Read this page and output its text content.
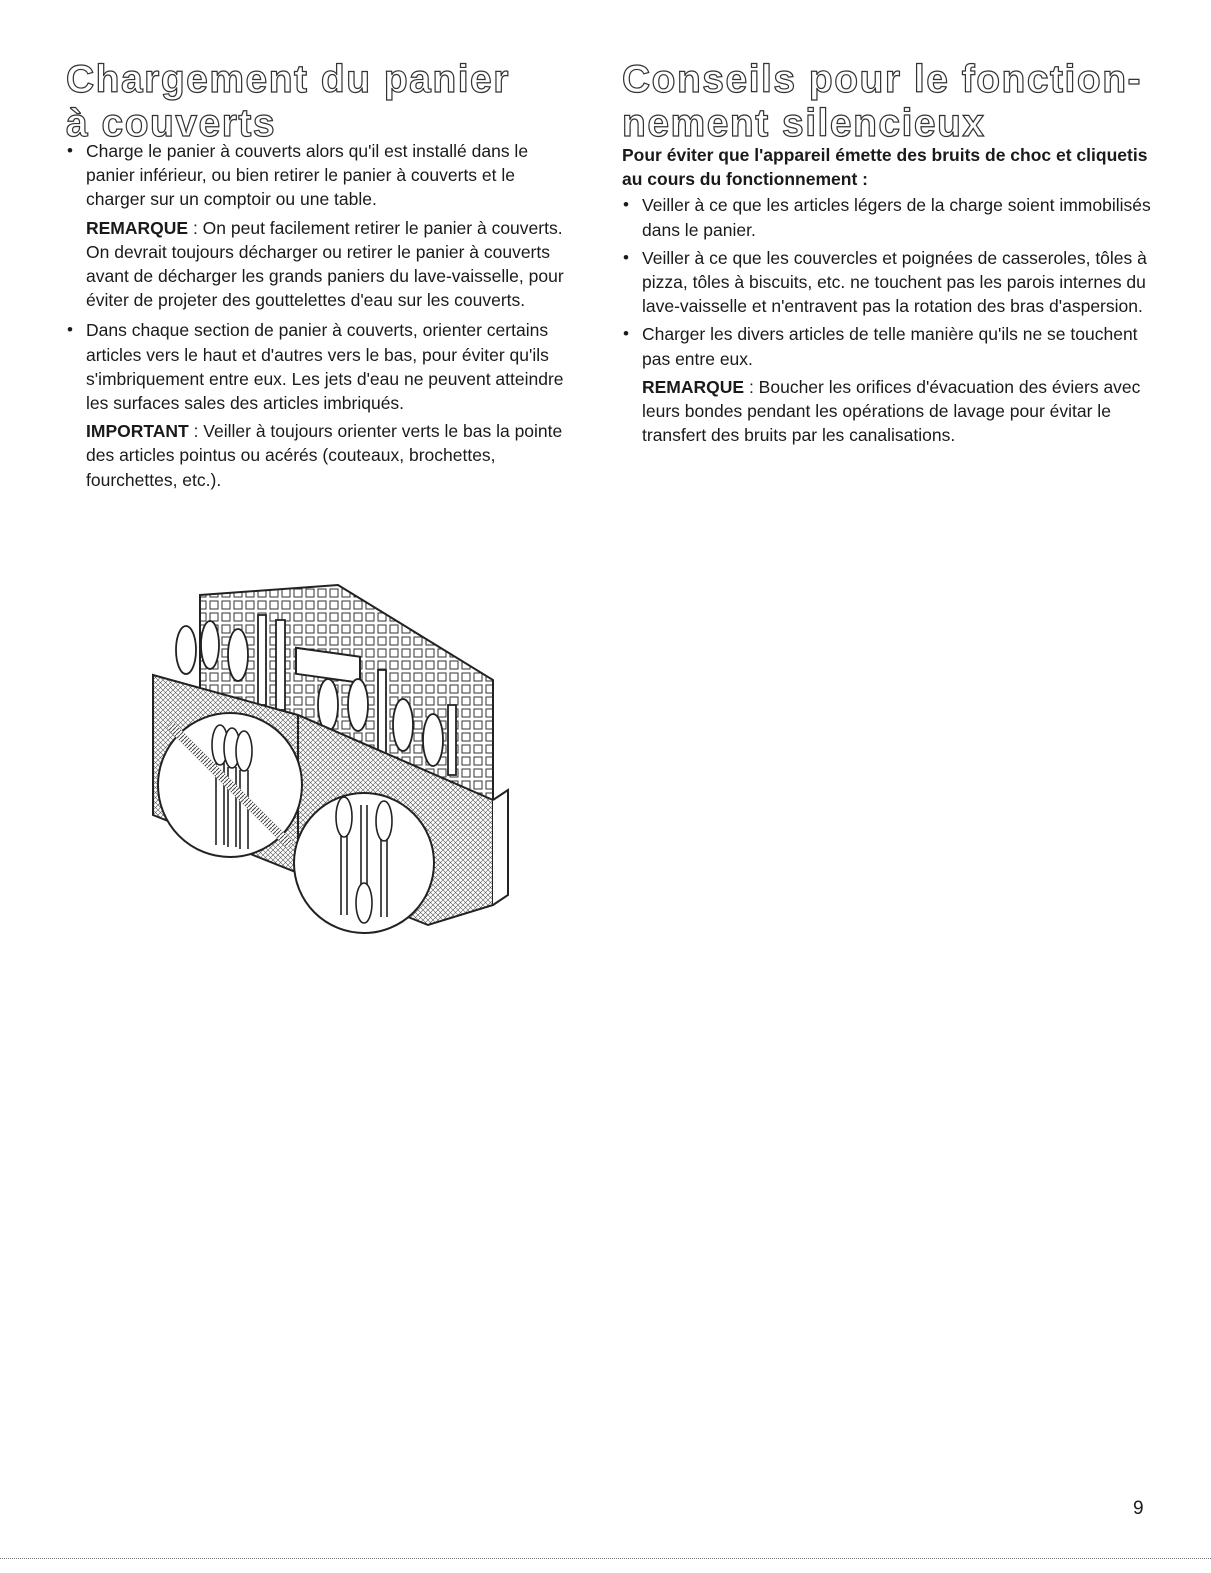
Chargement du panier
à couverts
• Charge le panier à couverts alors qu'il est installé dans le panier inférieur, ou bien retirer le panier à couverts et le charger sur un comptoir ou une table.
REMARQUE : On peut facilement retirer le panier à couverts. On devrait toujours décharger ou retirer le panier à couverts avant de décharger les grands paniers du lave-vaisselle, pour éviter de projeter des gouttelettes d'eau sur les couverts.
• Dans chaque section de panier à couverts, orienter certains articles vers le haut et d'autres vers le bas, pour éviter qu'ils s'imbriquement entre eux. Les jets d'eau ne peuvent atteindre les surfaces sales des articles imbriqués.
IMPORTANT : Veiller à toujours orienter verts le bas la pointe des articles pointus ou acérés (couteaux, brochettes, fourchettes, etc.).
Conseils pour le fonction-
nement silencieux

Pour éviter que l'appareil émette des bruits de choc et cliquetis au cours du fonctionnement :

• Veiller à ce que les articles légers de la charge soient immobilisés dans le panier.
• Veiller à ce que les couvercles et poignées de casseroles, tôles à pizza, tôles à biscuits, etc. ne touchent pas les parois internes du lave-vaisselle et n'entravent pas la rotation des bras d'aspersion.
• Charger les divers articles de telle manière qu'ils ne se touchent pas entre eux.
REMARQUE : Boucher les orifices d'évacuation des éviers avec leurs bondes pendant les opérations de lavage pour évitar le transfert des bruits par les canalisations.
9
